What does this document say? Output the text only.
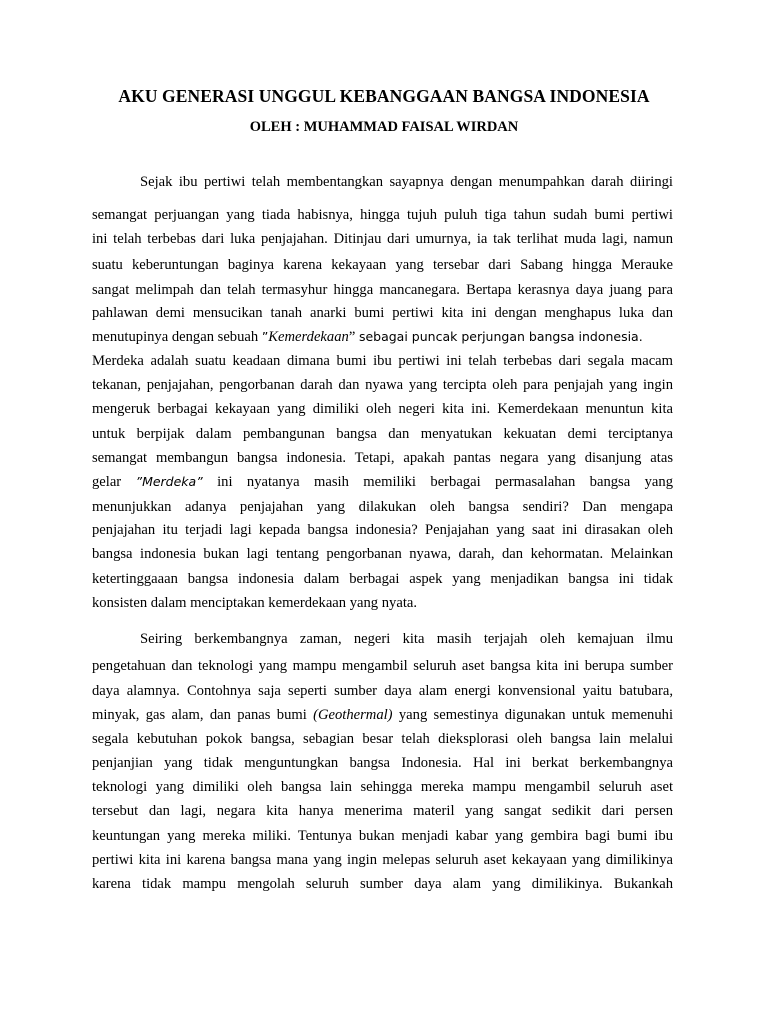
AKU GENERASI UNGGUL KEBANGGAAN BANGSA INDONESIA
OLEH : MUHAMMAD FAISAL WIRDAN
Sejak ibu pertiwi telah membentangkan sayapnya dengan menumpahkan darah diiringi
semangat perjuangan yang tiada habisnya, hingga tujuh puluh tiga tahun sudah bumi pertiwi
ini telah terbebas dari luka penjajahan. Ditinjau dari umurnya, ia tak terlihat muda lagi, namun
suatu keberuntungan baginya karena kekayaan yang tersebar dari Sabang hingga Merauke
sangat melimpah dan telah termasyhur hingga mancanegara. Bertapa kerasnya daya juang para
pahlawan demi mensucikan tanah anarki bumi pertiwi kita ini dengan menghapus luka dan
menutupinya dengan sebuah ”Kemerdekaan” sebagai puncak perjungan bangsa indonesia.
Merdeka adalah suatu keadaan dimana bumi ibu pertiwi ini telah terbebas dari segala macam
tekanan, penjajahan, pengorbanan darah dan nyawa yang tercipta oleh para penjajah yang ingin
mengeruk berbagai kekayaan yang dimiliki oleh negeri kita ini. Kemerdekaan menuntun kita
untuk berpijak dalam pembangunan bangsa dan menyatukan kekuatan demi terciptanya
semangat membangun bangsa indonesia. Tetapi, apakah pantas negara yang disanjung atas
gelar ”Merdeka” ini nyatanya masih memiliki berbagai permasalahan bangsa yang
menunjukkan adanya penjajahan yang dilakukan oleh bangsa sendiri? Dan mengapa
penjajahan itu terjadi lagi kepada bangsa indonesia? Penjajahan yang saat ini dirasakan oleh
bangsa indonesia bukan lagi tentang pengorbanan nyawa, darah, dan kehormatan. Melainkan
ketertinggaaan bangsa indonesia dalam berbagai aspek yang menjadikan bangsa ini tidak
konsisten dalam menciptakan kemerdekaan yang nyata.
Seiring berkembangnya zaman, negeri kita masih terjajah oleh kemajuan ilmu
pengetahuan dan teknologi yang mampu mengambil seluruh aset bangsa kita ini berupa sumber
daya alamnya. Contohnya saja seperti sumber daya alam energi konvensional yaitu batubara,
minyak, gas alam, dan panas bumi (Geothermal) yang semestinya digunakan untuk memenuhi
segala kebutuhan pokok bangsa, sebagian besar telah dieksplorasi oleh bangsa lain melalui
penjanjian yang tidak menguntungkan bangsa Indonesia. Hal ini berkat berkembangnya
teknologi yang dimiliki oleh bangsa lain sehingga mereka mampu mengambil seluruh aset
tersebut dan lagi, negara kita hanya menerima materil yang sangat sedikit dari persen
keuntungan yang mereka miliki. Tentunya bukan menjadi kabar yang gembira bagi bumi ibu
pertiwi kita ini karena bangsa mana yang ingin melepas seluruh aset kekayaan yang dimilikinya
karena tidak mampu mengolah seluruh sumber daya alam yang dimilikinya. Bukankah
